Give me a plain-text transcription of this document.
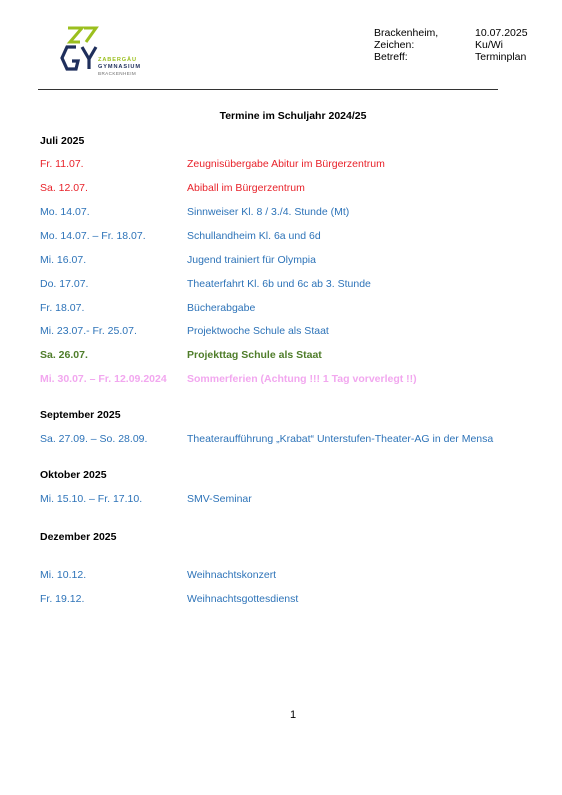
ZABERGÄU
GYMNASIUM
BRACKENHEIM
Brackenheim,	10.07.2025
Zeichen:	Ku/Wi
Betreff:	Terminplan
Termine im Schuljahr 2024/25
Juli 2025
Fr. 11.07.	Zeugnisübergabe Abitur im Bürgerzentrum
Sa. 12.07.	Abiball im Bürgerzentrum
Mo. 14.07.	Sinnweiser Kl. 8 / 3./4. Stunde (Mt)
Mo. 14.07. – Fr. 18.07.	Schullandheim Kl. 6a und 6d
Mi. 16.07.	Jugend trainiert für Olympia
Do. 17.07.	Theaterfahrt Kl. 6b und 6c ab 3. Stunde
Fr. 18.07.	Bücherabgabe
Mi. 23.07.- Fr. 25.07.	Projektwoche Schule als Staat
Sa. 26.07.	Projekttag Schule als Staat
Mi. 30.07. – Fr. 12.09.2024 Sommerferien (Achtung !!! 1 Tag vorverlegt !!)
September 2025
Sa. 27.09. – So. 28.09.	Theateraufführung „Krabat“ Unterstufen-Theater-AG in der Mensa
Oktober 2025
Mi. 15.10. – Fr. 17.10.	SMV-Seminar
Dezember 2025
Mi. 10.12.	Weihnachtskonzert
Fr. 19.12.	Weihnachtsgottesdienst
1
